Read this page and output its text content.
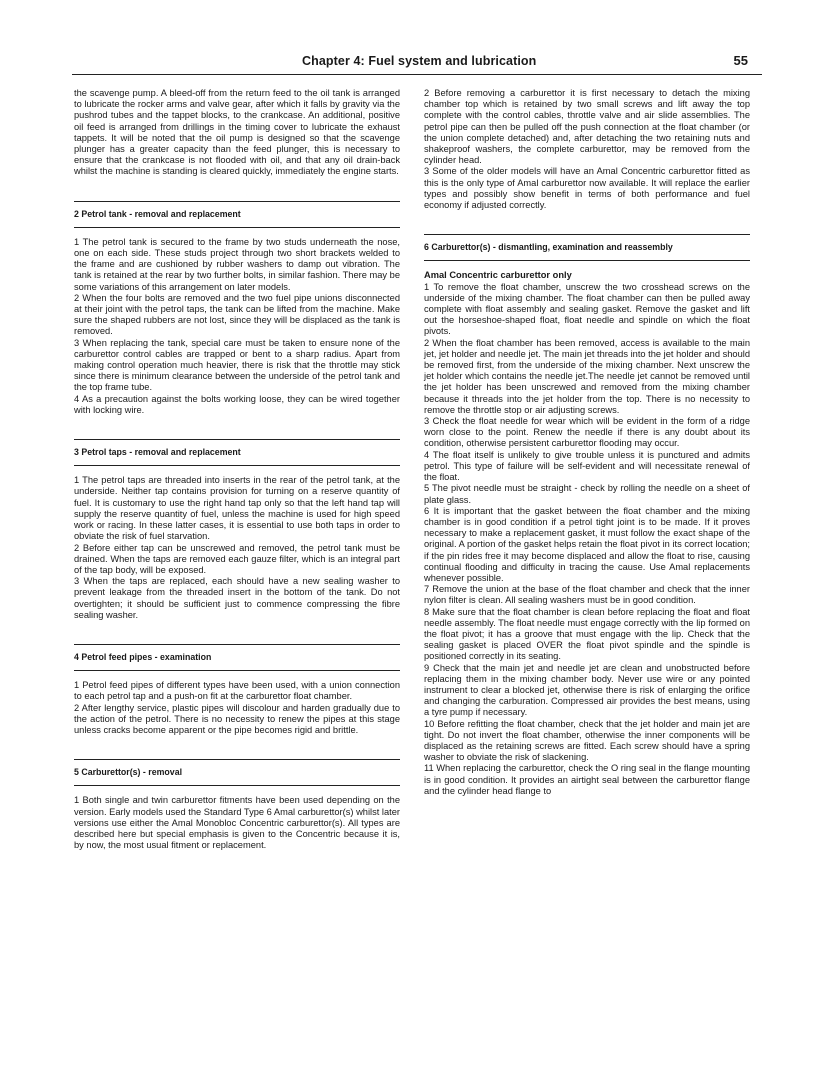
Chapter 4: Fuel system and lubrication	55

the scavenge pump. A bleed-off from the return feed to the oil tank is arranged to lubricate the rocker arms and valve gear, after which it falls by gravity via the pushrod tubes and the tappet blocks, to the crankcase. An additional, positive oil feed is arranged from drillings in the timing cover to lubricate the exhaust tappets. It will be noted that the oil pump is designed so that the scavenge plunger has a greater capacity than the feed plunger, this is necessary to ensure that the crankcase is not flooded with oil, and that any oil drain-back whilst the machine is standing is cleared quickly, immediately the engine starts.

2 Petrol tank - removal and replacement

1 The petrol tank is secured to the frame by two studs underneath the nose, one on each side. These studs project through two short brackets welded to the frame and are cushioned by rubber washers to damp out vibration. The tank is retained at the rear by two further bolts, in similar fashion. There may be some variations of this arrangement on later models.

2 When the four bolts are removed and the two fuel pipe unions disconnected at their joint with the petrol taps, the tank can be lifted from the machine. Make sure the shaped rubbers are not lost, since they will be displaced as the tank is removed.

3 When replacing the tank, special care must be taken to ensure none of the carburettor control cables are trapped or bent to a sharp radius. Apart from making control operation much heavier, there is risk that the throttle may stick since there is minimum clearance between the underside of the petrol tank and the top frame tube.

4 As a precaution against the bolts working loose, they can be wired together with locking wire.

3 Petrol taps - removal and replacement

1 The petrol taps are threaded into inserts in the rear of the petrol tank, at the underside. Neither tap contains provision for turning on a reserve quantity of fuel. It is customary to use the right hand tap only so that the left hand tap will supply the reserve quantity of fuel, unless the machine is used for high speed work or racing. In these latter cases, it is essential to use both taps in order to obviate the risk of fuel starvation.

2 Before either tap can be unscrewed and removed, the petrol tank must be drained. When the taps are removed each gauze filter, which is an integral part of the tap body, will be exposed.

3 When the taps are replaced, each should have a new sealing washer to prevent leakage from the threaded insert in the bottom of the tank. Do not overtighten; it should be sufficient just to commence compressing the fibre sealing washer.

4 Petrol feed pipes - examination

1 Petrol feed pipes of different types have been used, with a union connection to each petrol tap and a push-on fit at the carburettor float chamber.

2 After lengthy service, plastic pipes will discolour and harden gradually due to the action of the petrol. There is no necessity to renew the pipes at this stage unless cracks become apparent or the pipe becomes rigid and brittle.

5 Carburettor(s) - removal

1 Both single and twin carburettor fitments have been used depending on the version. Early models used the Standard Type 6 Amal carburettor(s) whilst later versions use either the Amal Monobloc Concentric carburettor(s). All types are described here but special emphasis is given to the Concentric because it is, by now, the most usual fitment or replacement.

2 Before removing a carburettor it is first necessary to detach the mixing chamber top which is retained by two small screws and lift away the top complete with the control cables, throttle valve and air slide assemblies. The petrol pipe can then be pulled off the push connection at the float chamber (or the union complete detached) and, after detaching the two retaining nuts and shakeproof washers, the complete carburettor, may be removed from the cylinder head.

3 Some of the older models will have an Amal Concentric carburettor fitted as this is the only type of Amal carburettor now available. It will replace the earlier types and possibly show benefit in terms of both performance and fuel economy if adjusted correctly.

6 Carburettor(s) - dismantling, examination and reassembly

Amal Concentric carburettor only

1 To remove the float chamber, unscrew the two crosshead screws on the underside of the mixing chamber. The float chamber can then be pulled away complete with float assembly and sealing gasket. Remove the gasket and lift out the horseshoe-shaped float, float needle and spindle on which the float pivots.

2 When the float chamber has been removed, access is available to the main jet, jet holder and needle jet. The main jet threads into the jet holder and should be removed first, from the underside of the mixing chamber. Next unscrew the jet holder which contains the needle jet.The needle jet cannot be removed until the jet holder has been unscrewed and removed from the mixing chamber because it threads into the jet holder from the top. There is no necessity to remove the throttle stop or air adjusting screws.

3 Check the float needle for wear which will be evident in the form of a ridge worn close to the point. Renew the needle if there is any doubt about its condition, otherwise persistent carburettor flooding may occur.

4 The float itself is unlikely to give trouble unless it is punctured and admits petrol. This type of failure will be self-evident and will necessitate renewal of the float.

5 The pivot needle must be straight - check by rolling the needle on a sheet of plate glass.

6 It is important that the gasket between the float chamber and the mixing chamber is in good condition if a petrol tight joint is to be made. If it proves necessary to make a replacement gasket, it must follow the exact shape of the original. A portion of the gasket helps retain the float pivot in its correct location; if the pin rides free it may become displaced and allow the float to rise, causing continual flooding and difficulty in tracing the cause. Use Amal replacements whenever possible.

7 Remove the union at the base of the float chamber and check that the inner nylon filter is clean. All sealing washers must be in good condition.

8 Make sure that the float chamber is clean before replacing the float and float needle assembly. The float needle must engage correctly with the lip formed on the float pivot; it has a groove that must engage with the lip. Check that the sealing gasket is placed OVER the float pivot spindle and the spindle is positioned correctly in its seating.

9 Check that the main jet and needle jet are clean and unobstructed before replacing them in the mixing chamber body. Never use wire or any pointed instrument to clear a blocked jet, otherwise there is risk of enlarging the orifice and changing the carburation. Compressed air provides the best means, using a tyre pump if necessary.

10 Before refitting the float chamber, check that the jet holder and main jet are tight. Do not invert the float chamber, otherwise the inner components will be displaced as the retaining screws are fitted. Each screw should have a spring washer to obviate the risk of slackening.

11 When replacing the carburettor, check the O ring seal in the flange mounting is in good condition. It provides an airtight seal between the carburettor flange and the cylinder head flange to
